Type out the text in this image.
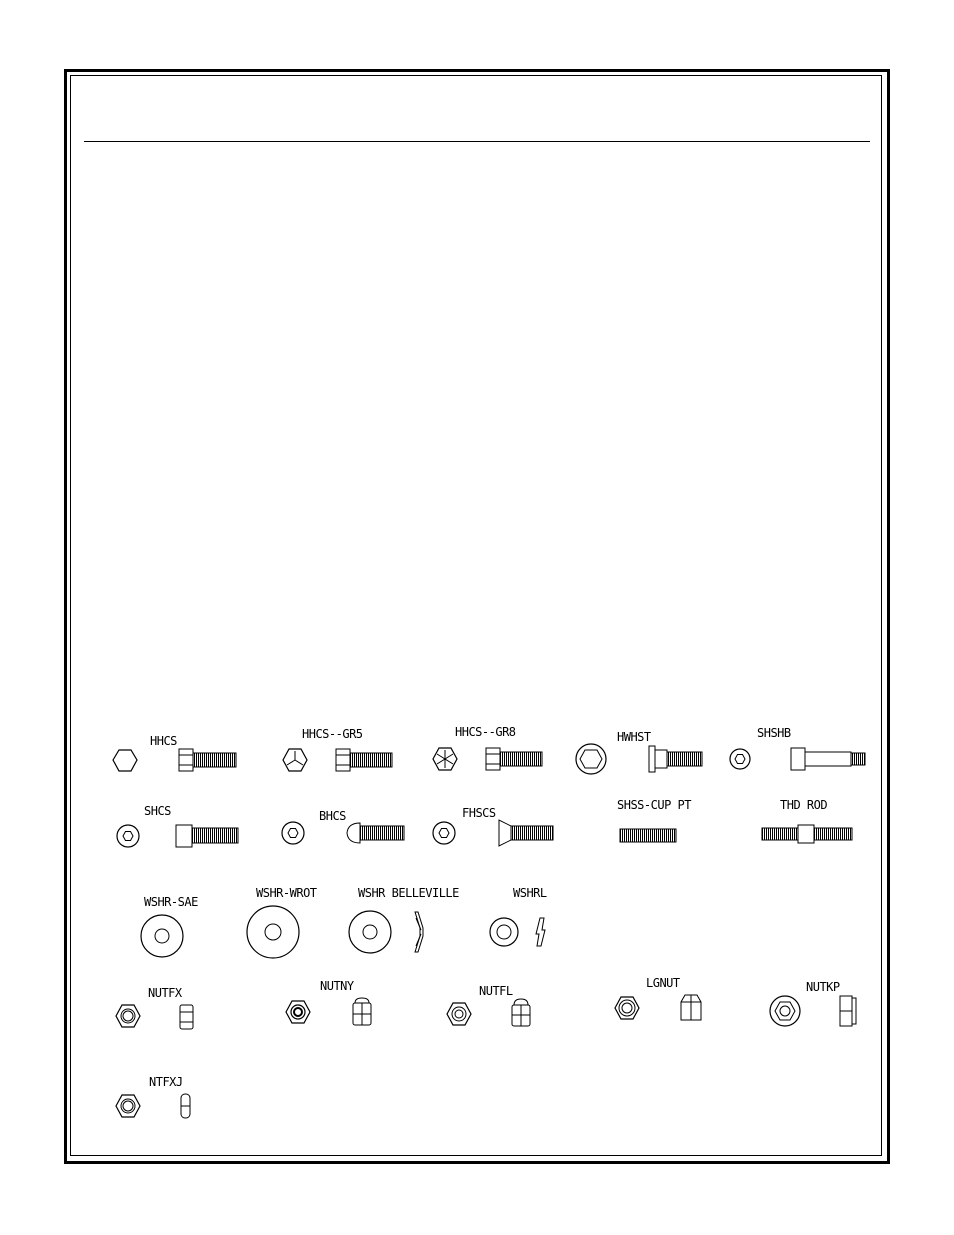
HHCS	HHCS--GR5	HHCS--GR8	HWHST	SHSHB
SHCS	BHCS	FHSCS
SHSS-CUP PT	THD ROD
WSHR-SAE
WSHR-WROT	WSHR BELLEVILLE	WSHRL
NUTFX	NUTNY	NUTFL
LGNUT	NUTKP
NTFXJ
